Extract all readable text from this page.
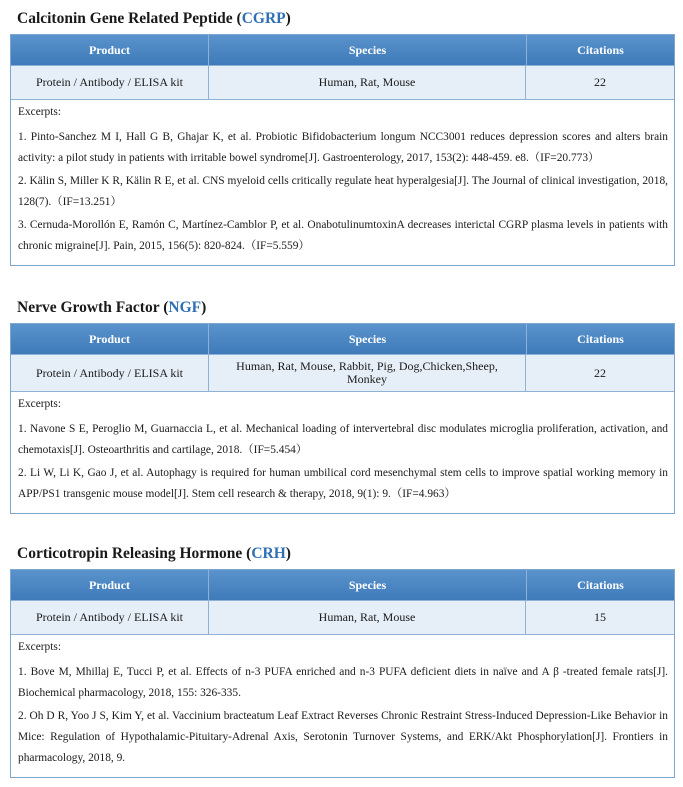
Calcitonin Gene Related Peptide (CGRP)
Product	Species	Citations
Protein / Antibody / ELISA kit	Human, Rat, Mouse	22
Excerpts:

1. Pinto-Sanchez M I, Hall G B, Ghajar K, et al. Probiotic Bifidobacterium longum NCC3001 reduces depression scores and alters brain activity: a pilot study in patients with irritable bowel syndrome[J]. Gastroenterology, 2017, 153(2): 448-459. e8.（IF=20.773）

2. Kälin S, Miller K R, Kälin R E, et al. CNS myeloid cells critically regulate heat hyperalgesia[J]. The Journal of clinical investigation, 2018, 128(7).（IF=13.251）

3. Cernuda-Morollón E, Ramón C, Martínez-Camblor P, et al. OnabotulinumtoxinA decreases interictal CGRP plasma levels in patients with chronic migraine[J]. Pain, 2015, 156(5): 820-824.（IF=5.559）

Nerve Growth Factor (NGF)
Product	Species	Citations
Protein / Antibody / ELISA kit	Human, Rat, Mouse, Rabbit, Pig, Dog,Chicken,Sheep, Monkey	22
Excerpts:

1. Navone S E, Peroglio M, Guarnaccia L, et al. Mechanical loading of intervertebral disc modulates microglia proliferation, activation, and chemotaxis[J]. Osteoarthritis and cartilage, 2018.（IF=5.454）

2. Li W, Li K, Gao J, et al. Autophagy is required for human umbilical cord mesenchymal stem cells to improve spatial working memory in APP/PS1 transgenic mouse model[J]. Stem cell research & therapy, 2018, 9(1): 9.（IF=4.963）

Corticotropin Releasing Hormone (CRH)
Product	Species	Citations
Protein / Antibody / ELISA kit	Human, Rat, Mouse	15
Excerpts:

1. Bove M, Mhillaj E, Tucci P, et al. Effects of n-3 PUFA enriched and n-3 PUFA deficient diets in naïve and A β -treated female rats[J]. Biochemical pharmacology, 2018, 155: 326-335.

2. Oh D R, Yoo J S, Kim Y, et al. Vaccinium bracteatum Leaf Extract Reverses Chronic Restraint Stress-Induced Depression-Like Behavior in Mice: Regulation of Hypothalamic-Pituitary-Adrenal Axis, Serotonin Turnover Systems, and ERK/Akt Phosphorylation[J]. Frontiers in pharmacology, 2018, 9.
